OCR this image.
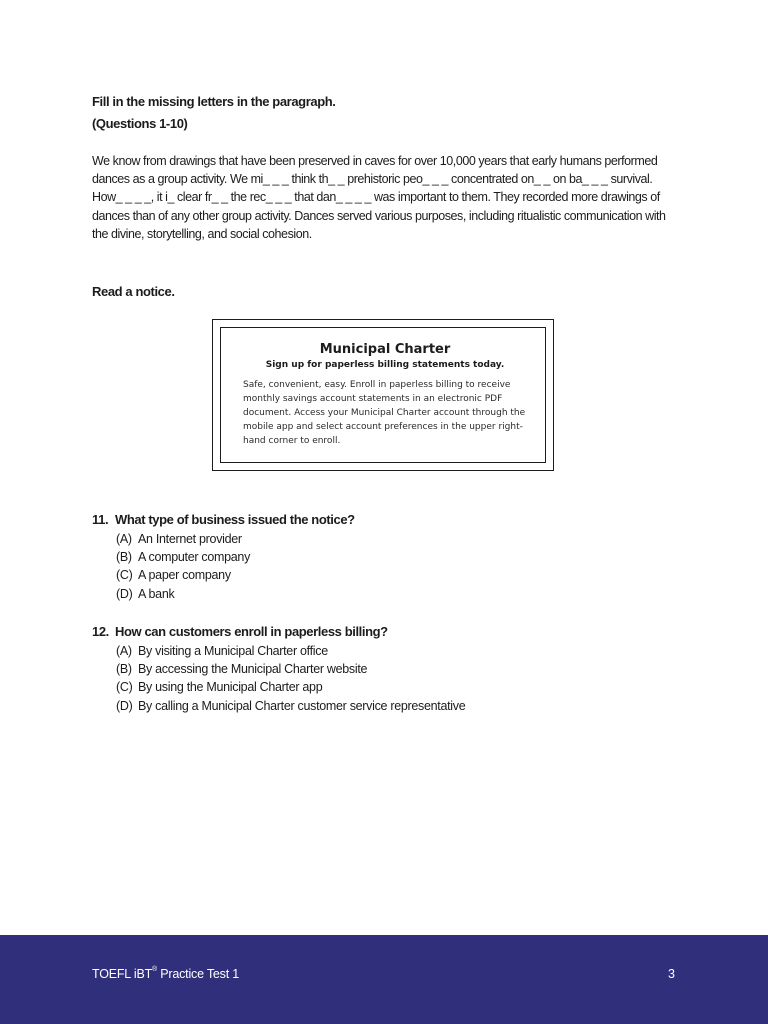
Fill in the missing letters in the paragraph.

(Questions 1-10)

We know from drawings that have been preserved in caves for over 10,000 years that early humans performed dances as a group activity. We mi_ _ _ think th_ _ prehistoric peo_ _ _ concentrated on_ _ on ba_ _ _ survival. How_ _ _ _, it i_ clear fr_ _ the rec_ _ _ that dan_ _ _ _ was important to them. They recorded more drawings of dances than of any other group activity. Dances served various purposes, including ritualistic communication with the divine, storytelling, and social cohesion.

Read a notice.

11. What type of business issued the notice?
(A) An Internet provider
(B) A computer company
(C) A paper company
(D) A bank
12. How can customers enroll in paperless billing?
(A) By visiting a Municipal Charter office
(B) By accessing the Municipal Charter website
(C) By using the Municipal Charter app
(D) By calling a Municipal Charter customer service representative
Municipal Charter
Sign up for paperless billing statements today.
Safe, convenient, easy. Enroll in paperless billing to receive monthly savings account statements in an electronic PDF document. Access your Municipal Charter account through the mobile app and select account preferences in the upper right-hand corner to enroll.
TOEFL iBT® Practice Test 1	3
